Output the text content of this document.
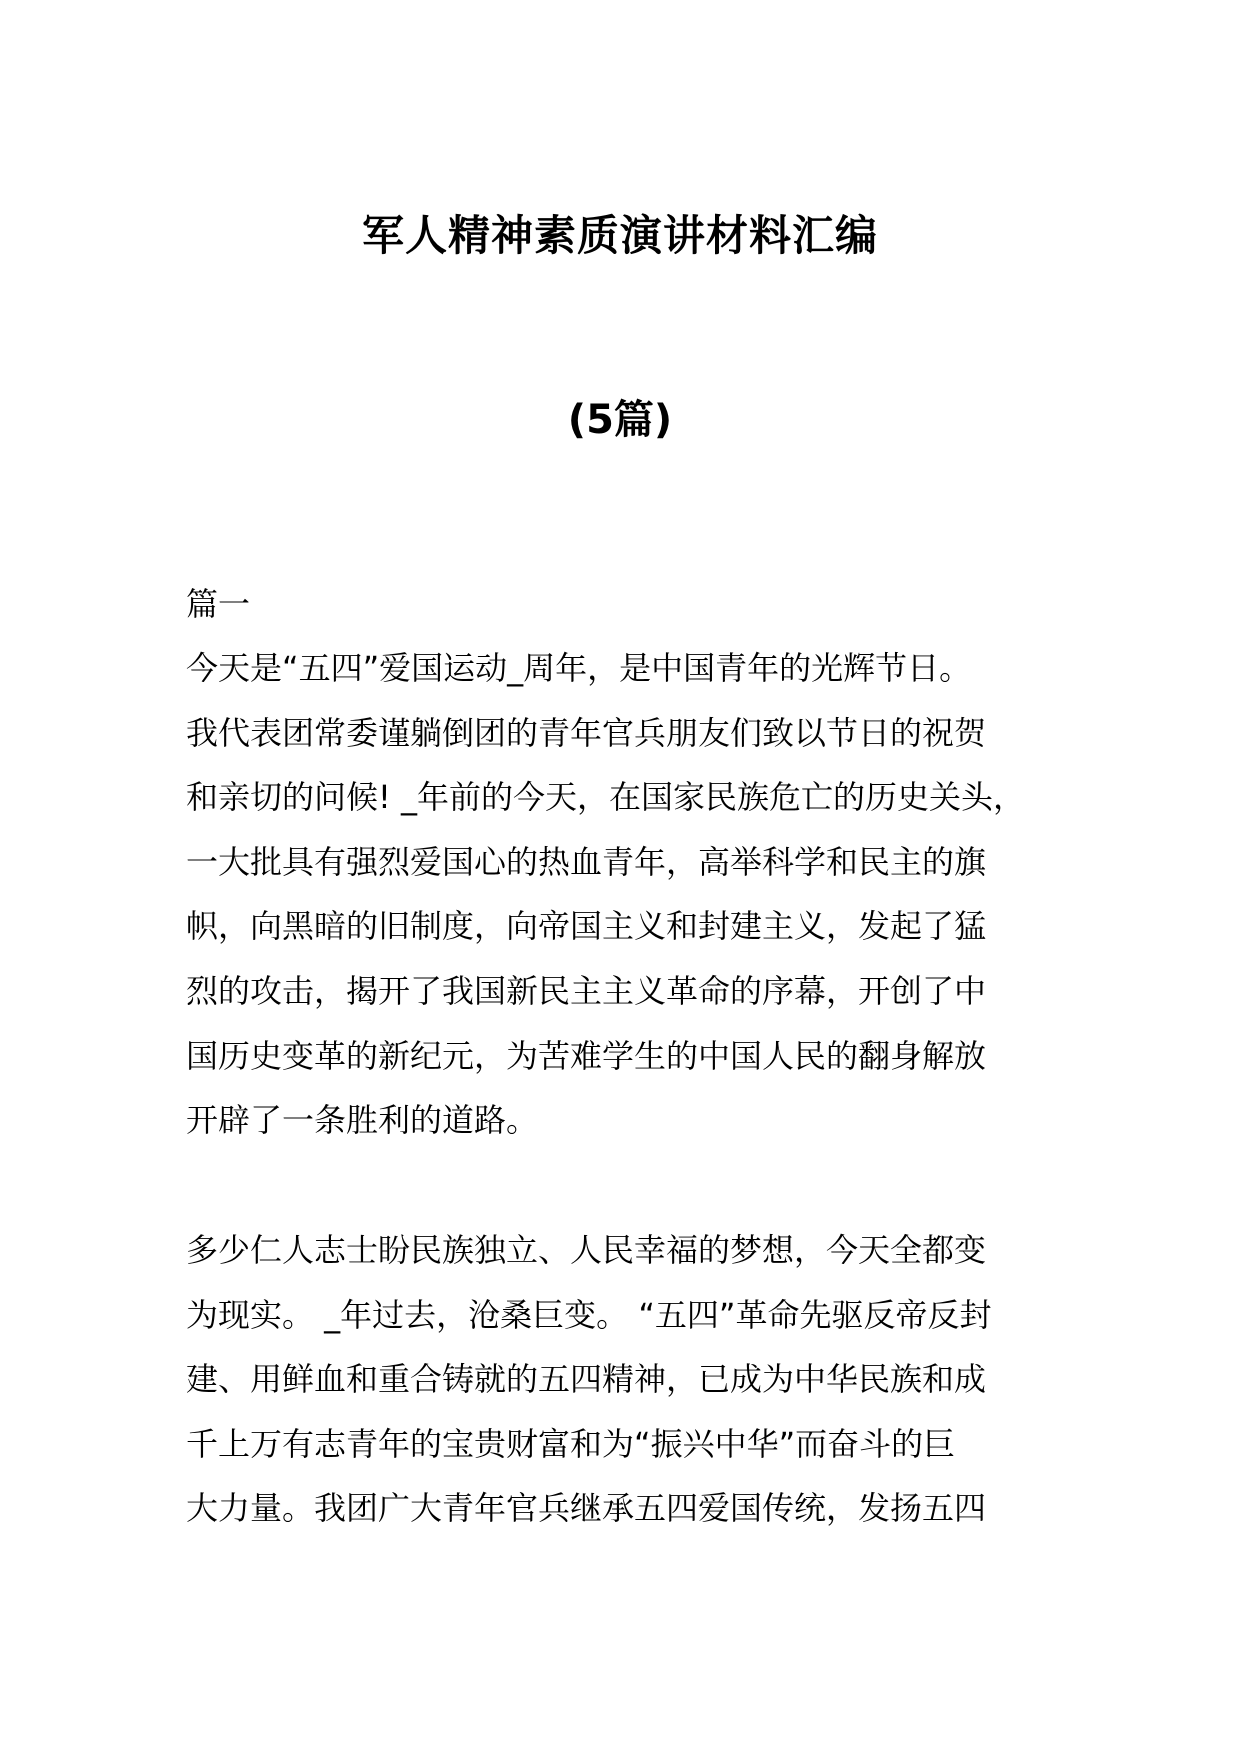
军人精神素质演讲材料汇编
(5篇)
篇一
今天是“五四”爱国运动_周年，是中国青年的光辉节日。
我代表团常委谨躺倒团的青年官兵朋友们致以节日的祝贺
和亲切的问候! _年前的今天，在国家民族危亡的历史关头，
一大批具有强烈爱国心的热血青年，高举科学和民主的旗
帜，向黑暗的旧制度，向帝国主义和封建主义，发起了猛
烈的攻击，揭开了我国新民主主义革命的序幕，开创了中
国历史变革的新纪元，为苦难学生的中国人民的翻身解放
开辟了一条胜利的道路。
多少仁人志士盼民族独立、人民幸福的梦想，今天全都变
为现实。 _年过去，沧桑巨变。 “五四”革命先驱反帝反封
建、用鲜血和重合铸就的五四精神，已成为中华民族和成
千上万有志青年的宝贵财富和为“振兴中华”而奋斗的巨
大力量。我团广大青年官兵继承五四爱国传统，发扬五四
